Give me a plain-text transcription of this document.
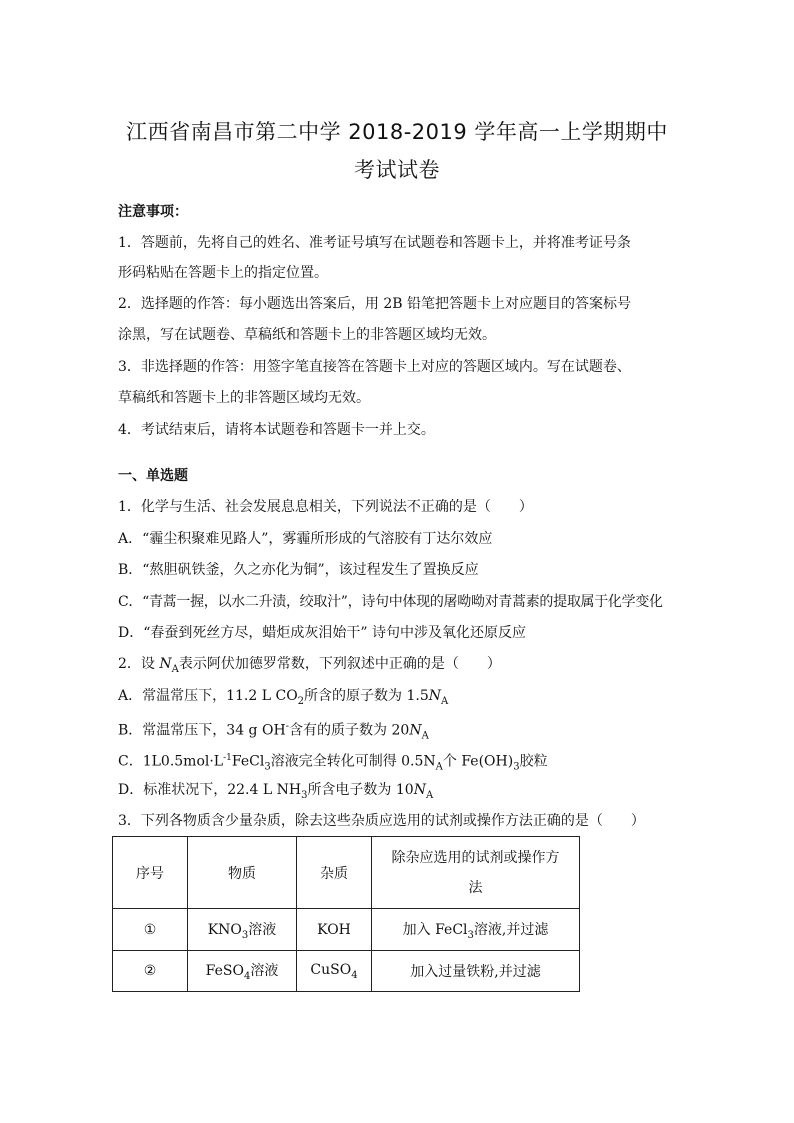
江西省南昌市第二中学 2018-2019 学年高一上学期期中
考试试卷
注意事项：
1．答题前，先将自己的姓名、准考证号填写在试题卷和答题卡上，并将准考证号条
形码粘贴在答题卡上的指定位置。
2．选择题的作答：每小题选出答案后，用 2B 铅笔把答题卡上对应题目的答案标号
涂黑，写在试题卷、草稿纸和答题卡上的非答题区域均无效。
3．非选择题的作答：用签字笔直接答在答题卡上对应的答题区域内。写在试题卷、
草稿纸和答题卡上的非答题区域均无效。
4．考试结束后，请将本试题卷和答题卡一并上交。
一、单选题
1．化学与生活、社会发展息息相关，下列说法不正确的是（　　）
A．“霾尘积聚难见路人”，雾霾所形成的气溶胶有丁达尔效应
B．“熬胆矾铁釜，久之亦化为铜”，该过程发生了置换反应
C．“青蒿一握，以水二升渍，绞取汁”，诗句中体现的屠呦呦对青蒿素的提取属于化学变化
D．“春蚕到死丝方尽，蜡炬成灰泪始干” 诗句中涉及氧化还原反应
2．设 $N_A$表示阿伏加德罗常数，下列叙述中正确的是（　　）
A．常温常压下，11.2 L $CO_2$所含的原子数为 $1.5N_A$
B．常温常压下，34 g OH-含有的质子数为 $20N_A$
C．$1L0.5mol\cdot L^{-1}FeCl_3$溶液完全转化可制得 $0.5N_A$个 $Fe(OH)_3$胶粒
D．标准状况下，22.4 L $NH_3$所含电子数为 $10N_A$
3．下列各物质含少量杂质，除去这些杂质应选用的试剂或操作方法正确的是（　　）
序号	物质	杂质	除杂应选用的试剂或操作方
法
①	$KNO_3$溶液	KOH	加入 FeCl$_3$溶液,并过滤
②	FeSO$_4$溶液	CuSO$_4$	加入过量铁粉,并过滤
